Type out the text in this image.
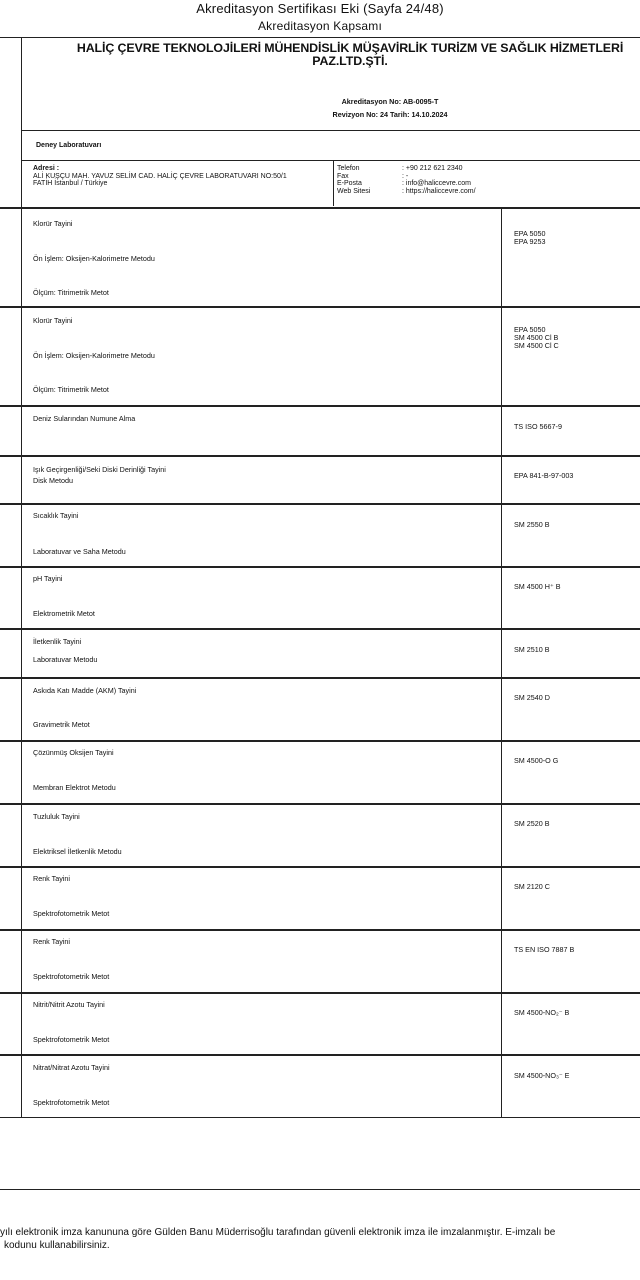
Akreditasyon Sertifikası Eki (Sayfa 24/48)
Akreditasyon Kapsamı
HALİÇ ÇEVRE TEKNOLOJİLERİ MÜHENDİSLİK MÜŞAVİRLİK TURİZM VE SAĞLIK HİZMETLERİ
PAZ.LTD.ŞTİ.
Akreditasyon No: AB-0095-T
Revizyon No: 24 Tarih: 14.10.2024
Deney Laboratuvarı
Adresi :
ALİ KUŞÇU MAH. YAVUZ SELİM CAD. HALİÇ ÇEVRE LABORATUVARI NO:50/1
FATİH İstanbul / Türkiye
Telefon
Fax
E-Posta
Web Sitesi
: +90 212 621 2340
: -
: info@haliccevre.com
: https://haliccevre.com/
Klorür Tayini
Ön İşlem: Oksijen-Kalorimetre Metodu
Ölçüm: Titrimetrik Metot
EPA 5050
EPA 9253
Klorür Tayini
Ön İşlem: Oksijen-Kalorimetre Metodu
Ölçüm: Titrimetrik Metot
EPA 5050
SM 4500 Cl B
SM 4500 Cl C
Deniz Sularından Numune Alma
TS ISO 5667-9
Işık Geçirgenliği/Seki Diski Derinliği Tayini
Disk Metodu
EPA 841-B-97-003
Sıcaklık Tayini
Laboratuvar ve Saha Metodu
SM 2550 B
pH Tayini
Elektrometrik Metot
SM 4500 H⁺ B
İletkenlik Tayini
Laboratuvar Metodu
SM 2510 B
Askıda Katı Madde (AKM) Tayini
Gravimetrik Metot
SM 2540 D
Çözünmüş Oksijen Tayini
Membran Elektrot Metodu
SM 4500-O G
Tuzluluk Tayini
Elektriksel İletkenlik Metodu
SM 2520 B
Renk Tayini
Spektrofotometrik Metot
SM 2120 C
Renk Tayini
Spektrofotometrik Metot
TS EN ISO 7887 B
Nitrit/Nitrit Azotu Tayini
Spektrofotometrik Metot
SM 4500-NO₂⁻ B
Nitrat/Nitrat Azotu Tayini
Spektrofotometrik Metot
SM 4500-NO₃⁻ E
yılı elektronik imza kanununa göre Gülden Banu Müderrisoğlu tarafından güvenli elektronik imza ile imzalanmıştır. E-imzalı be
kodunu kullanabilirsiniz.
